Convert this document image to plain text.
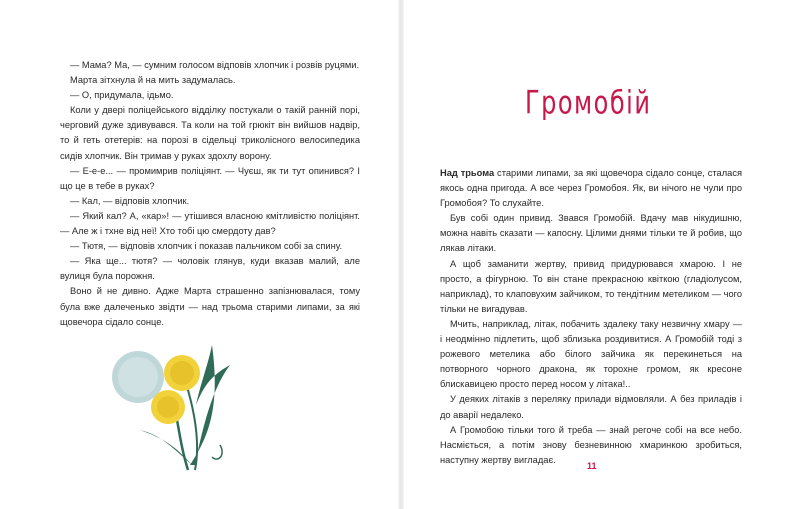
— Мама? Ма, — сумним голосом відповів хлопчик і розвів руцями.

Марта зітхнула й на мить задумалась.

— О, придумала, ідьмо.

Коли у двері поліцейського відділку постукали о такій ранній порі, черговий дуже здивувався. Та коли на той грюкіт він вийшов надвір, то й геть отетерів: на порозі в сідельці триколісного велосипедика сидів хлопчик. Він тримав у руках здохлу ворону.

— Е-е-е... — промимрив поліціянт. — Чуєш, як ти тут опинився? І що це в тебе в руках?

— Кал, — відповів хлопчик.

— Який кал? А, «кар»! — утішився власною кмітливістю поліціянт. — Але ж і тхне від неї! Хто тобі цю смердоту дав?

— Тютя, — відповів хлопчик і показав пальчиком собі за спину.

— Яка ще... тютя? — чоловік глянув, куди вказав малий, але вулиця була порожня.

Воно й не дивно. Адже Марта страшенно запізнювалася, тому була вже далеченько звідти — над трьома старими липами, за які щовечора сідало сонце.

Громобій

Над трьома старими липами, за які щовечора сідало сонце, сталася якось одна пригода. А все через Громобоя. Як, ви нічого не чули про Громобоя? То слухайте.

Був собі один привид. Звався Громобій. Вдачу мав нікудишню, можна навіть сказати — капосну. Цілими днями тільки те й робив, що лякав літаки.

А щоб заманити жертву, привид придурювався хмарою. І не просто, а фігурною. То він стане прекрасною квіткою (гладіолусом, наприклад), то клаповухим зайчиком, то тендітним метеликом — чого тільки не вигадував.

Мчить, наприклад, літак, побачить здалеку таку незвичну хмару — і неодмінно підлетить, щоб зблизька роздивитися. А Громобій тоді з рожевого метелика або білого зайчика як перекинеться на потворного чорного дракона, як торохне громом, як кресоне блискавицею просто перед носом у літака!..

У деяких літаків з переляку прилади відмовляли. А без приладів і до аварії недалеко.

А Громобою тільки того й треба — знай регоче собі на все небо. Насміється, а потім знову безневинною хмаринкою зробиться, наступну жертву вигладає.

11
